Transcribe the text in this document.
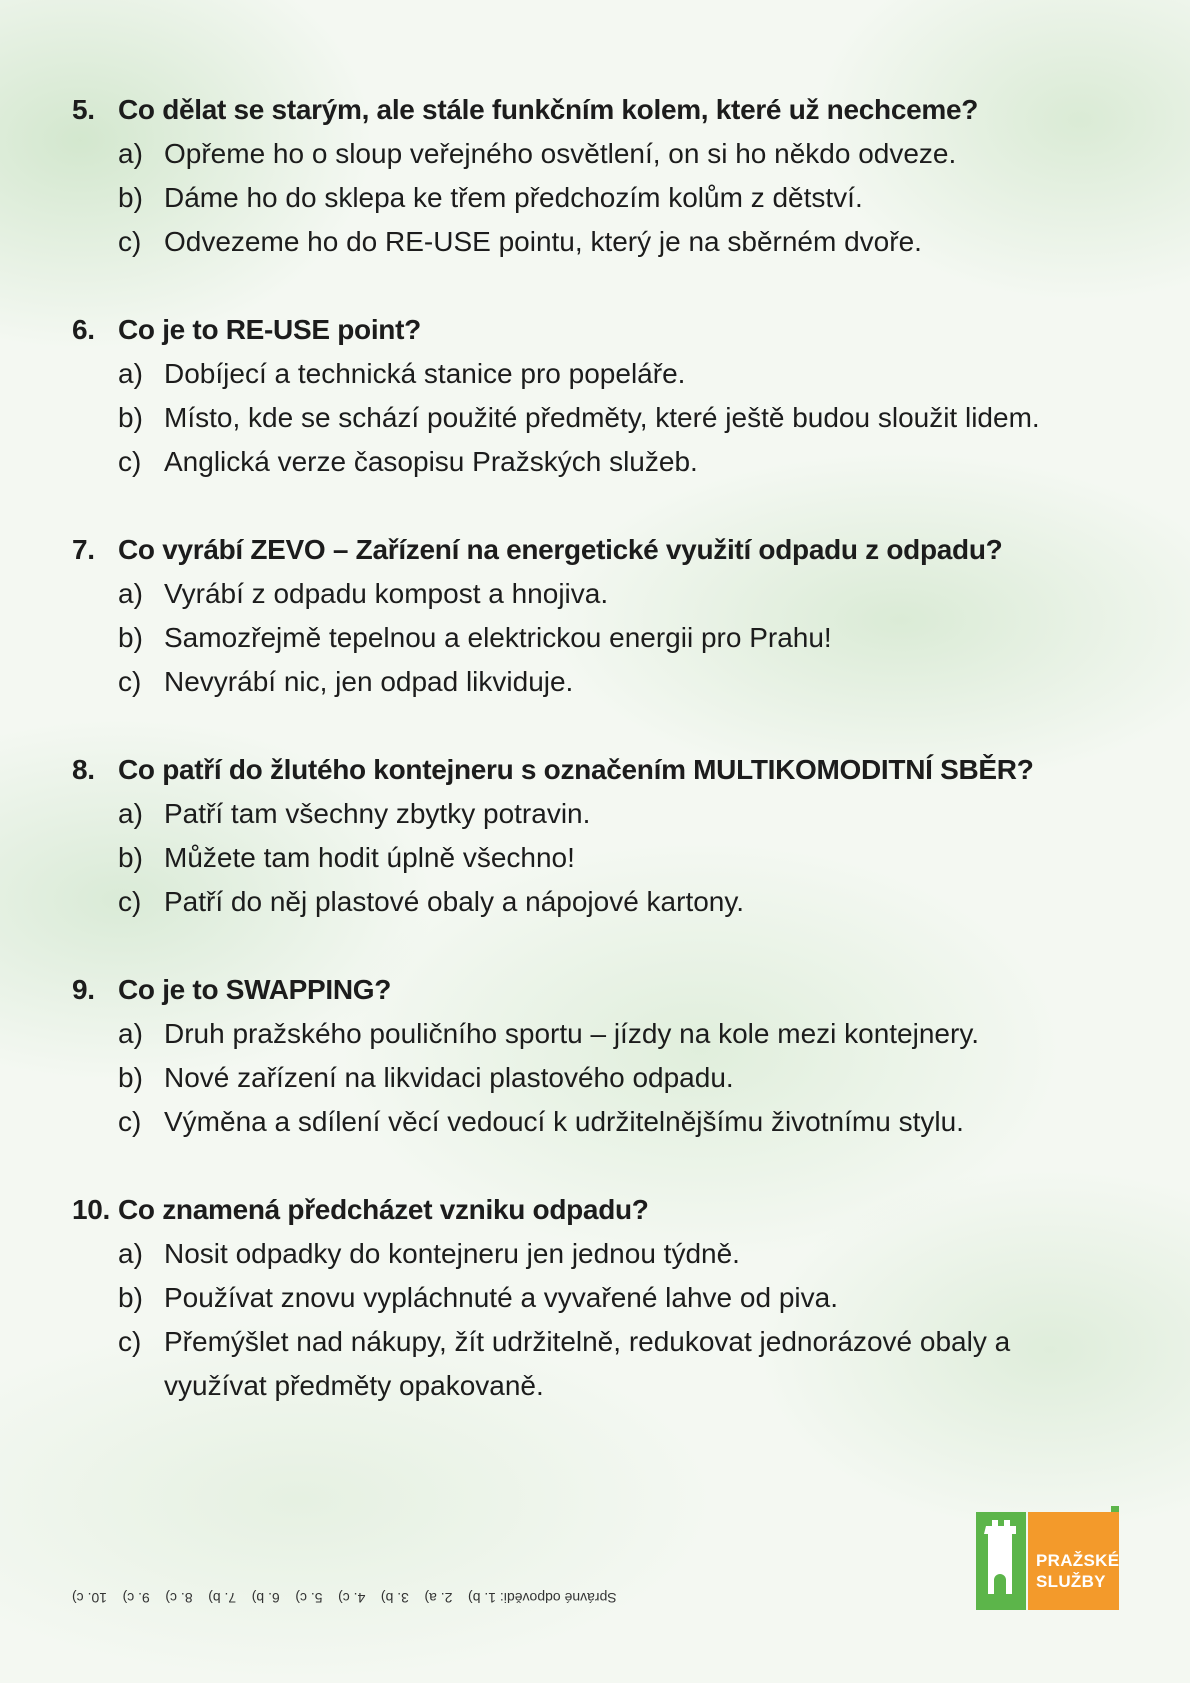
5. Co dělat se starým, ale stále funkčním kolem, které už nechceme?
a) Opřeme ho o sloup veřejného osvětlení, on si ho někdo odveze.
b) Dáme ho do sklepa ke třem předchozím kolům z dětství.
c) Odvezeme ho do RE-USE pointu, který je na sběrném dvoře.
6. Co je to RE-USE point?
a) Dobíjecí a technická stanice pro popeláře.
b) Místo, kde se schází použité předměty, které ještě budou sloužit lidem.
c) Anglická verze časopisu Pražských služeb.
7. Co vyrábí ZEVO – Zařízení na energetické využití odpadu z odpadu?
a) Vyrábí z odpadu kompost a hnojiva.
b) Samozřejmě tepelnou a elektrickou energii pro Prahu!
c) Nevyrábí nic, jen odpad likviduje.
8. Co patří do žlutého kontejneru s označením MULTIKOMODITNÍ SBĚR?
a) Patří tam všechny zbytky potravin.
b) Můžete tam hodit úplně všechno!
c) Patří do něj plastové obaly a nápojové kartony.
9. Co je to SWAPPING?
a) Druh pražského pouličního sportu – jízdy na kole mezi kontejnery.
b) Nové zařízení na likvidaci plastového odpadu.
c) Výměna a sdílení věcí vedoucí k udržitelnějšímu životnímu stylu.
10. Co znamená předcházet vzniku odpadu?
a) Nosit odpadky do kontejneru jen jednou týdně.
b) Používat znovu vypláchnuté a vyvařené lahve od piva.
c) Přemýšlet nad nákupy, žít udržitelně, redukovat jednorázové obaly a využívat předměty opakovaně.
Správné odpovědi: 1. b)    2. a)    3. b)    4. c)    5. c)    6. b)    7. b)    8. c)    9. c)    10. c)
PRAŽSKÉ
SLUŽBY
